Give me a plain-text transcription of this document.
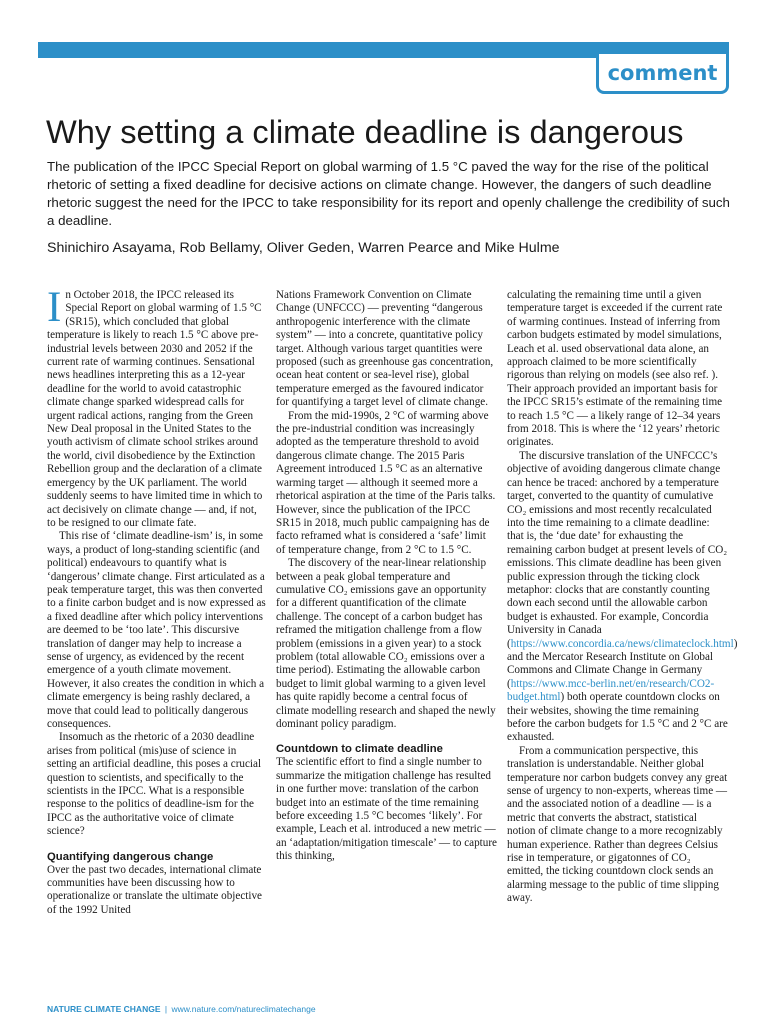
comment
Why setting a climate deadline is dangerous

The publication of the IPCC Special Report on global warming of 1.5 °C paved the way for the rise of the political rhetoric of setting a fixed deadline for decisive actions on climate change. However, the dangers of such deadline rhetoric suggest the need for the IPCC to take responsibility for its report and openly challenge the credibility of such a deadline.

Shinichiro Asayama, Rob Bellamy, Oliver Geden, Warren Pearce and Mike Hulme

In October 2018, the IPCC released its Special Report on global warming of 1.5 °C (SR15), which concluded that global temperature is likely to reach 1.5 °C above pre-industrial levels between 2030 and 2052 if the current rate of warming continues. Sensational news headlines interpreting this as a 12-year deadline for the world to avoid catastrophic climate change sparked widespread calls for urgent radical actions, ranging from the Green New Deal proposal in the United States to the youth activism of climate school strikes around the world, civil disobedience by the Extinction Rebellion group and the declaration of a climate emergency by the UK parliament. The world suddenly seems to have limited time in which to act decisively on climate change — and, if not, to be resigned to our climate fate.

This rise of ‘climate deadline-ism’ is, in some ways, a product of long-standing scientific (and political) endeavours to quantify what is ‘dangerous’ climate change. First articulated as a peak temperature target, this was then converted to a finite carbon budget and is now expressed as a fixed deadline after which policy interventions are deemed to be ‘too late’. This discursive translation of danger may help to increase a sense of urgency, as evidenced by the recent emergence of a youth climate movement. However, it also creates the condition in which a climate emergency is being rashly declared, a move that could lead to politically dangerous consequences.

Insomuch as the rhetoric of a 2030 deadline arises from political (mis)use of science in setting an artificial deadline, this poses a crucial question to scientists, and specifically to the scientists in the IPCC. What is a responsible response to the politics of deadline-ism for the IPCC as the authoritative voice of climate science?

Quantifying dangerous change

Over the past two decades, international climate communities have been discussing how to operationalize or translate the ultimate objective of the 1992 United

Nations Framework Convention on Climate Change (UNFCCC) — preventing “dangerous anthropogenic interference with the climate system” — into a concrete, quantitative policy target. Although various target quantities were proposed (such as greenhouse gas concentration, ocean heat content or sea-level rise), global temperature emerged as the favoured indicator for quantifying a target level of climate change.

From the mid-1990s, 2 °C of warming above the pre-industrial condition was increasingly adopted as the temperature threshold to avoid dangerous climate change. The 2015 Paris Agreement introduced 1.5 °C as an alternative warming target — although it seemed more a rhetorical aspiration at the time of the Paris talks. However, since the publication of the IPCC SR15 in 2018, much public campaigning has de facto reframed what is considered a ‘safe’ limit of temperature change, from 2 °C to 1.5 °C.

The discovery of the near-linear relationship between a peak global temperature and cumulative CO₂ emissions gave an opportunity for a different quantification of the climate challenge. The concept of a carbon budget has reframed the mitigation challenge from a flow problem (emissions in a given year) to a stock problem (total allowable CO₂ emissions over a time period). Estimating the allowable carbon budget to limit global warming to a given level has quite rapidly become a central focus of climate modelling research and shaped the newly dominant policy paradigm.

Countdown to climate deadline

The scientific effort to find a single number to summarize the mitigation challenge has resulted in one further move: translation of the carbon budget into an estimate of the time remaining before exceeding 1.5 °C becomes ‘likely’. For example, Leach et al. introduced a new metric — an ‘adaptation/mitigation timescale’ — to capture this thinking,

calculating the remaining time until a given temperature target is exceeded if the current rate of warming continues. Instead of inferring from carbon budgets estimated by model simulations, Leach et al. used observational data alone, an approach claimed to be more scientifically rigorous than relying on models (see also ref. ). Their approach provided an important basis for the IPCC SR15’s estimate of the remaining time to reach 1.5 °C — a likely range of 12–34 years from 2018. This is where the ‘12 years’ rhetoric originates.

The discursive translation of the UNFCCC’s objective of avoiding dangerous climate change can hence be traced: anchored by a temperature target, converted to the quantity of cumulative CO₂ emissions and most recently recalculated into the time remaining to a climate deadline: that is, the ‘due date’ for exhausting the remaining carbon budget at present levels of CO₂ emissions. This climate deadline has been given public expression through the ticking clock metaphor: clocks that are constantly counting down each second until the allowable carbon budget is exhausted. For example, Concordia University in Canada (https://www.concordia.ca/news/climateclock.html) and the Mercator Research Institute on Global Commons and Climate Change in Germany (https://www.mcc-berlin.net/en/research/CO2-budget.html) both operate countdown clocks on their websites, showing the time remaining before the carbon budgets for 1.5 °C and 2 °C are exhausted.

From a communication perspective, this translation is understandable. Neither global temperature nor carbon budgets convey any great sense of urgency to non-experts, whereas time — and the associated notion of a deadline — is a metric that converts the abstract, statistical notion of climate change to a more recognizably human experience. Rather than degrees Celsius rise in temperature, or gigatonnes of CO₂ emitted, the ticking countdown clock sends an alarming message to the public of time slipping away.

NATURE CLIMATE CHANGE | www.nature.com/natureclimatechange
